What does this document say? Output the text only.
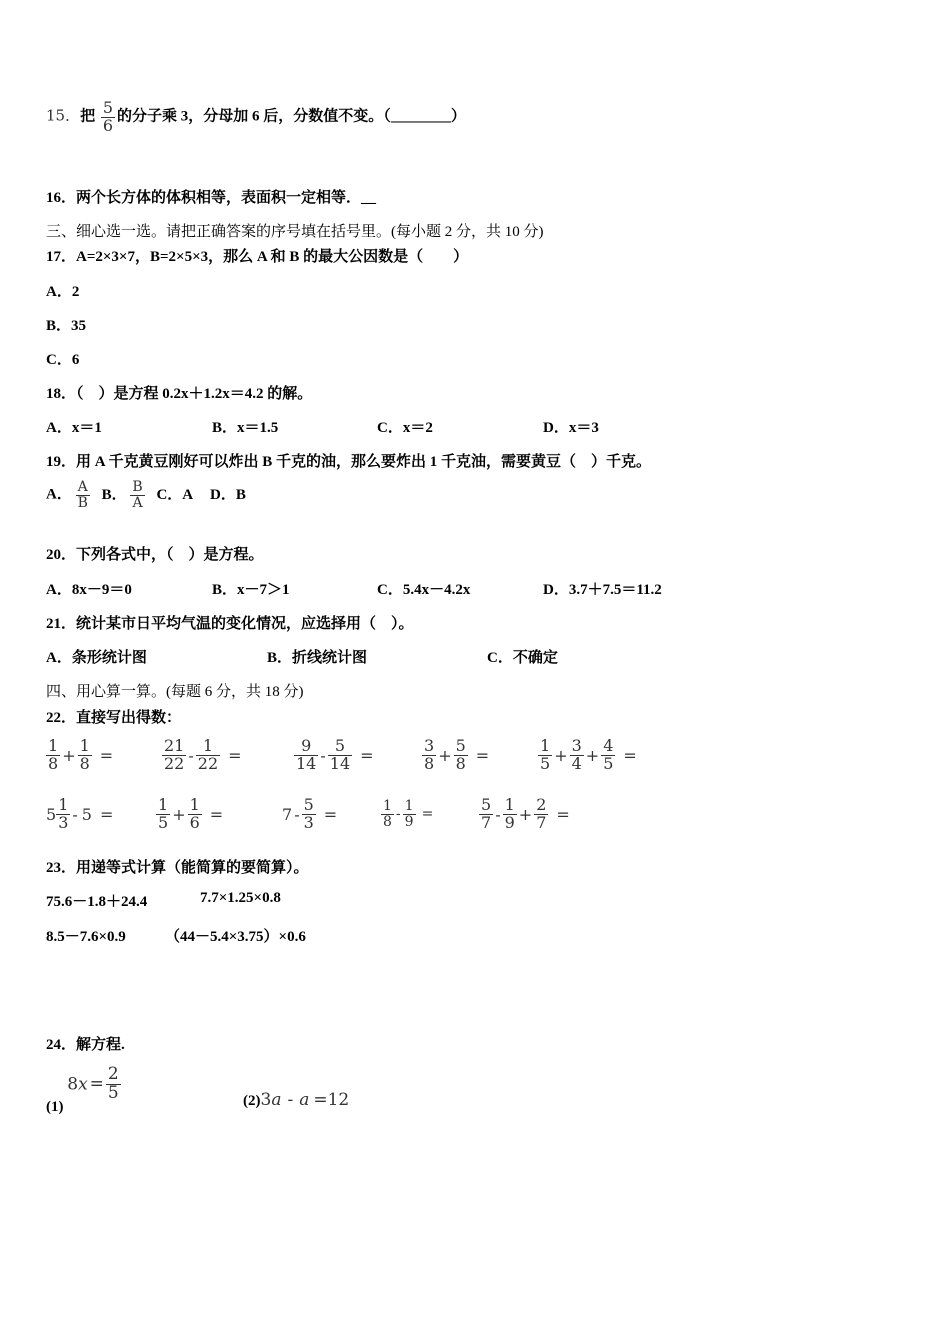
15．把 $\frac{5}{6}$ 的分子乘 3，分母加 6 后，分数值不变。（________）
16．两个长方体的体积相等，表面积一定相等．__
三、细心选一选。请把正确答案的序号填在括号里。(每小题 2 分，共 10 分)
17．A=2×3×7，B=2×5×3，那么 A 和 B 的最大公因数是（　　）
A．2
B．35
C．6
18．（　）是方程 0.2x＋1.2x＝4.2 的解。
A．x＝1	B．x＝1.5	C．x＝2	D．x＝3
19．用 A 千克黄豆刚好可以炸出 B 千克的油，那么要炸出 1 千克油，需要黄豆（　）千克。
A． $\frac{A}{B}$ B． $\frac{B}{A}$ C．A D．B
20．下列各式中，（　）是方程。
A．8x－9＝0	B．x－7＞1	C．5.4x－4.2x	D．3.7＋7.5＝11.2
21．统计某市日平均气温的变化情况，应选择用（　）。
A．条形统计图	B．折线统计图	C．不确定
四、用心算一算。(每题 6 分，共 18 分)
22．直接写出得数：
$\frac{1}{8} + \frac{1}{8}$ =	$\frac{21}{22} - \frac{1}{22}$ =	$\frac{9}{14} - \frac{5}{14}$ =	$\frac{3}{8} + \frac{5}{8}$ =	$\frac{1}{5} + \frac{3}{4} + \frac{4}{5}$ =
$5 \frac{1}{3} - 5$ =	$\frac{1}{5} + \frac{1}{6}$ =	$7 - \frac{5}{3}$ =	$\frac{1}{8} - \frac{1}{9}$ =	$\frac{5}{7} - \frac{1}{9} + \frac{2}{7}$ =
23．用递等式计算（能简算的要简算）。
75.6－1.8＋24.4	7.7×1.25×0.8
8.5－7.6×0.9	（44－5.4×3.75）×0.6
24．解方程.
(1) $8x = \frac{2}{5}$	(2)3a - a =12
